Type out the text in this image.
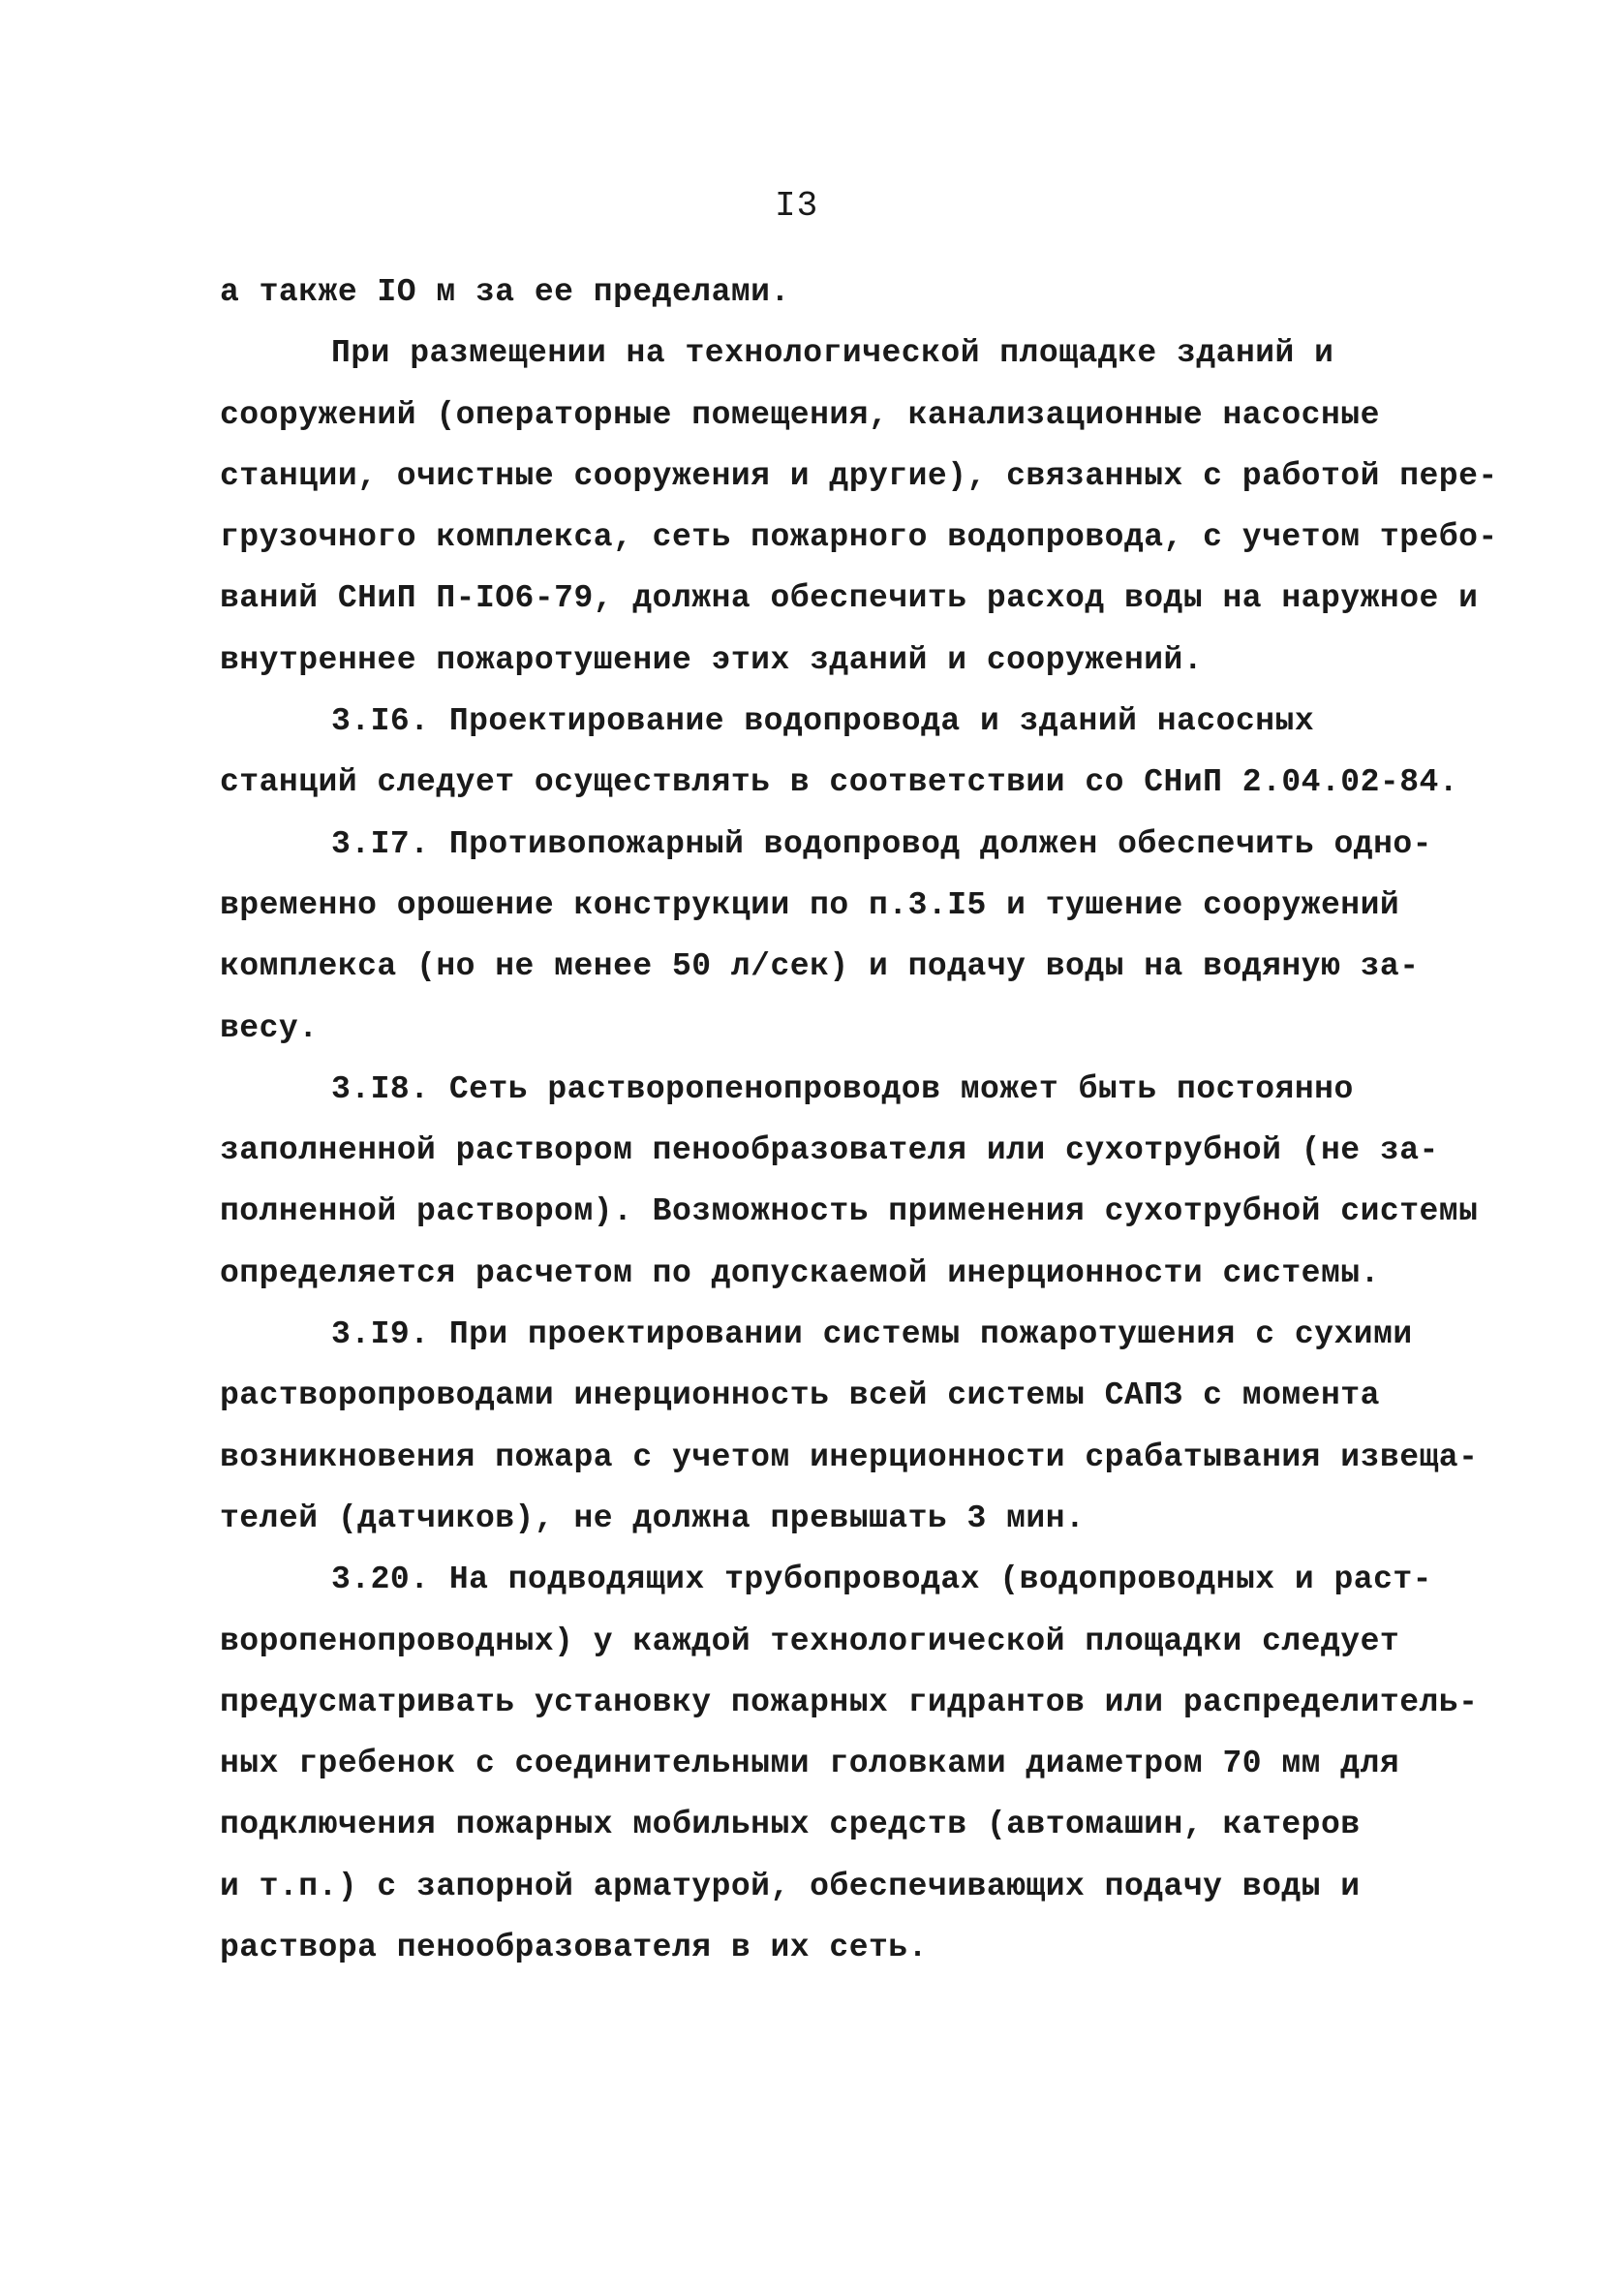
I3
а также IO м за ее пределами.
При размещении на технологической площадке зданий и
сооружений (операторные помещения, канализационные насосные
станции, очистные сооружения и другие), связанных с работой пере-
грузочного комплекса, сеть пожарного водопровода, с учетом требо-
ваний СНиП П-IO6-79, должна обеспечить расход воды на наружное и
внутреннее пожаротушение этих зданий и сооружений.
3.I6. Проектирование водопровода и зданий насосных
станций следует осуществлять в соответствии со СНиП 2.04.02-84.
3.I7. Противопожарный водопровод должен обеспечить одно-
временно орошение конструкции по п.3.I5 и тушение сооружений
комплекса (но не менее 50 л/сек) и подачу воды на водяную за-
весу.
3.I8. Сеть растворопенопроводов может быть постоянно
заполненной раствором пенообразователя или сухотрубной (не за-
полненной раствором). Возможность применения сухотрубной системы
определяется расчетом по допускаемой инерционности системы.
3.I9. При проектировании системы пожаротушения с сухими
растворопроводами инерционность всей системы САПЗ с момента
возникновения пожара с учетом инерционности срабатывания извеща-
телей (датчиков), не должна превышать 3 мин.
3.20. На подводящих трубопроводах (водопроводных и раст-
воропенопроводных) у каждой технологической площадки следует
предусматривать установку пожарных гидрантов или распределитель-
ных гребенок с соединительными головками диаметром 70 мм для
подключения пожарных мобильных средств (автомашин, катеров
и т.п.) с запорной арматурой, обеспечивающих подачу воды и
раствора пенообразователя в их сеть.
